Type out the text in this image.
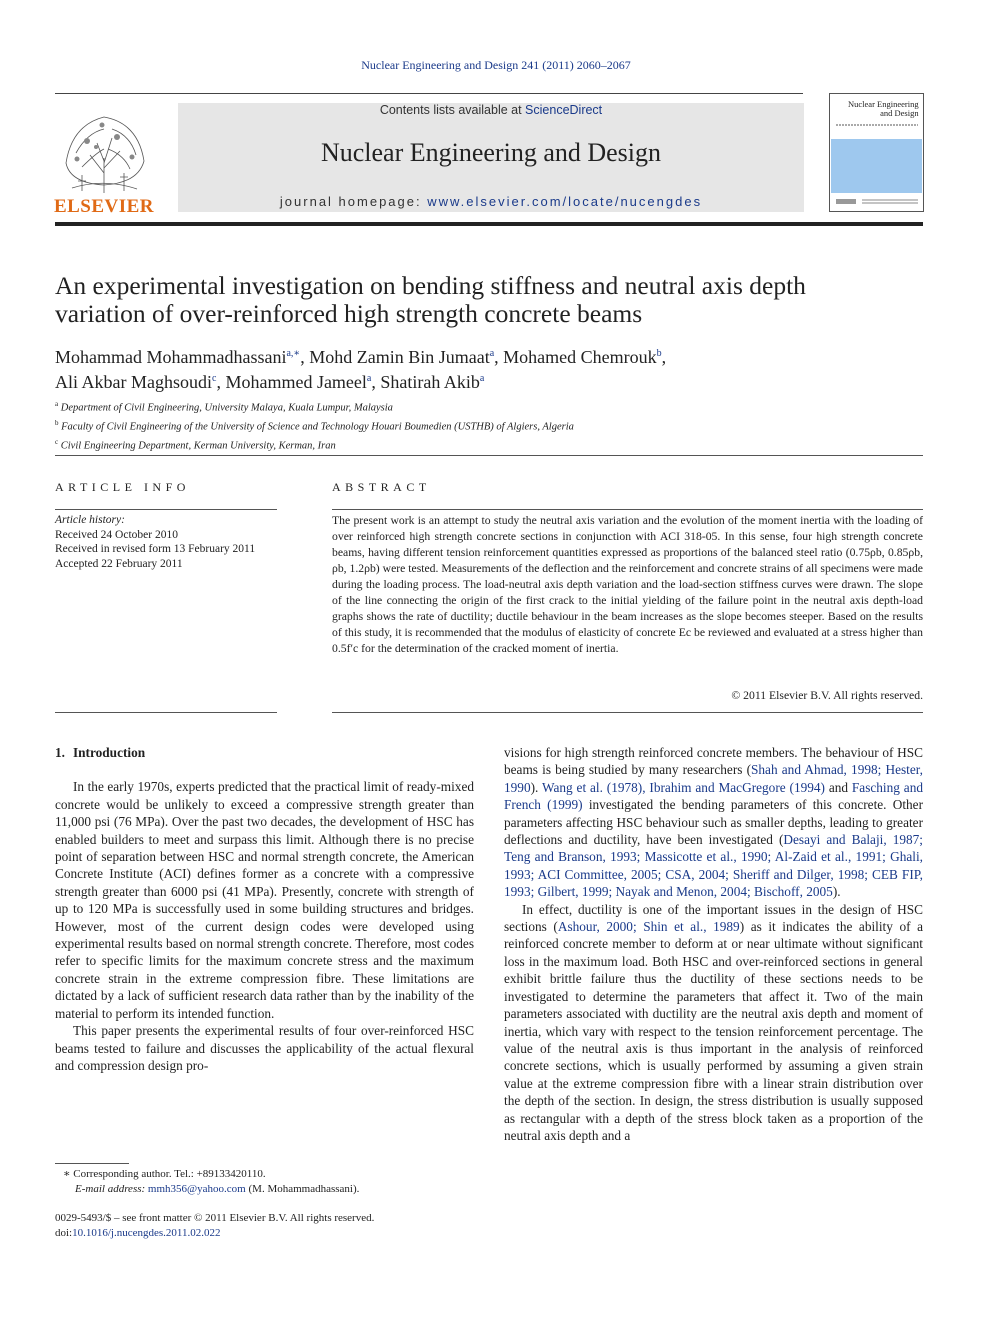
Nuclear Engineering and Design 241 (2011) 2060–2067
ELSEVIER
Contents lists available at ScienceDirect
Nuclear Engineering and Design
journal homepage: www.elsevier.com/locate/nucengdes
Nuclear Engineering
and Design
An experimental investigation on bending stiffness and neutral axis depth
variation of over-reinforced high strength concrete beams
Mohammad Mohammadhassani$^{a,∗}$, Mohd Zamin Bin Jumaat$^a$, Mohamed Chemrouk$^b$,
Ali Akbar Maghsoudi$^c$, Mohammed Jameel$^a$, Shatirah Akib$^a$
$^a$ Department of Civil Engineering, University Malaya, Kuala Lumpur, Malaysia
$^b$ Faculty of Civil Engineering of the University of Science and Technology Houari Boumedien (USTHB) of Algiers, Algeria
$^c$ Civil Engineering Department, Kerman University, Kerman, Iran
ARTICLE INFO	ABSTRACT
Article history:
Received 24 October 2010
Received in revised form 13 February 2011
Accepted 22 February 2011
The present work is an attempt to study the neutral axis variation and the evolution of the moment inertia with the loading of over reinforced high strength concrete sections in conjunction with ACI 318-05. In this sense, four high strength concrete beams, having different tension reinforcement quantities expressed as proportions of the balanced steel ratio (0.75ρb, 0.85ρb, ρb, 1.2ρb) were tested. Measurements of the deflection and the reinforcement and concrete strains of all specimens were made during the loading process. The load-neutral axis depth variation and the load-section stiffness curves were drawn. The slope of the line connecting the origin of the first crack to the initial yielding of the failure point in the neutral axis depth-load graphs shows the rate of ductility; ductile behaviour in the beam increases as the slope becomes steeper. Based on the results of this study, it is recommended that the modulus of elasticity of concrete Ec be reviewed and evaluated at a stress higher than 0.5f′c for the determination of the cracked moment of inertia.
© 2011 Elsevier B.V. All rights reserved.
1. Introduction

In the early 1970s, experts predicted that the practical limit of ready-mixed concrete would be unlikely to exceed a compressive strength greater than 11,000 psi (76 MPa). Over the past two decades, the development of HSC has enabled builders to meet and surpass this limit. Although there is no precise point of separation between HSC and normal strength concrete, the American Concrete Institute (ACI) defines former as a concrete with a compressive strength greater than 6000 psi (41 MPa). Presently, concrete with strength of up to 120 MPa is successfully used in some building structures and bridges. However, most of the current design codes were developed using experimental results based on normal strength concrete. Therefore, most codes refer to specific limits for the maximum concrete stress and the maximum concrete strain in the extreme compression fibre. These limitations are dictated by a lack of sufficient research data rather than by the inability of the material to perform its intended function.

This paper presents the experimental results of four over-reinforced HSC beams tested to failure and discusses the applicability of the actual flexural and compression design pro-

visions for high strength reinforced concrete members. The behaviour of HSC beams is being studied by many researchers (Shah and Ahmad, 1998; Hester, 1990). Wang et al. (1978), Ibrahim and MacGregore (1994) and Fasching and French (1999) investigated the bending parameters of this concrete. Other parameters affecting HSC behaviour such as smaller depths, leading to greater deflections and ductility, have been investigated (Desayi and Balaji, 1987; Teng and Branson, 1993; Massicotte et al., 1990; Al-Zaid et al., 1991; Ghali, 1993; ACI Committee, 2005; CSA, 2004; Sheriff and Dilger, 1998; CEB FIP, 1993; Gilbert, 1999; Nayak and Menon, 2004; Bischoff, 2005).

In effect, ductility is one of the important issues in the design of HSC sections (Ashour, 2000; Shin et al., 1989) as it indicates the ability of a reinforced concrete member to deform at or near ultimate without significant loss in the maximum load. Both HSC and over-reinforced sections in general exhibit brittle failure thus the ductility of these sections needs to be investigated to determine the parameters that affect it. Two of the main parameters associated with ductility are the neutral axis depth and moment of inertia, which vary with respect to the tension reinforcement percentage. The value of the neutral axis is thus important in the analysis of reinforced concrete sections, which is usually performed by assuming a given strain value at the extreme compression fibre with a linear strain distribution over the depth of the section. In design, the stress distribution is usually supposed as rectangular with a depth of the stress block taken as a proportion of the neutral axis depth and a

∗ Corresponding author. Tel.: +891334201​10.
E-mail address: mmh356@yahoo.com (M. Mohammadhassani).
0029-5493/$ – see front matter © 2011 Elsevier B.V. All rights reserved.
doi:10.1016/j.nucengdes.2011.02.022
